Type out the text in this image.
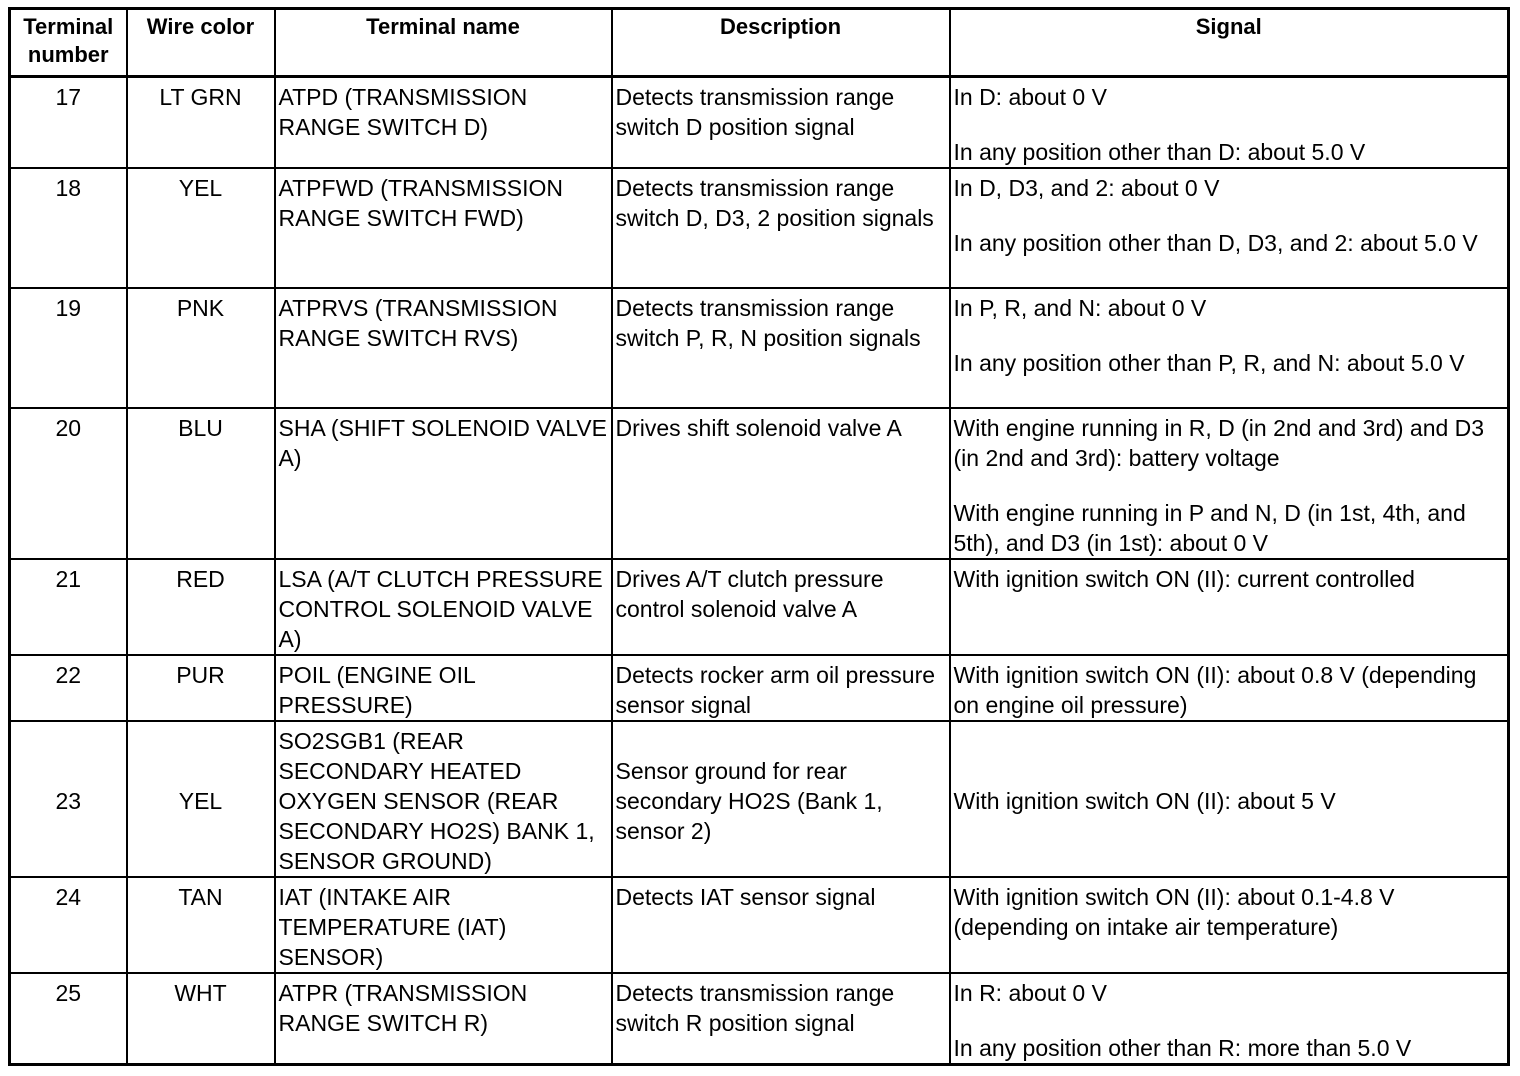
Terminal number	Wire color	Terminal name	Description	Signal
17	LT GRN	ATPD (TRANSMISSION RANGE SWITCH D)	Detects transmission range switch D position signal	In D: about 0 V
In any position other than D: about 5.0 V

18	YEL	ATPFWD (TRANSMISSION RANGE SWITCH FWD)	Detects transmission range switch D, D3, 2 position signals	In D, D3, and 2: about 0 V
In any position other than D, D3, and 2: about 5.0 V

19	PNK	ATPRVS (TRANSMISSION RANGE SWITCH RVS)	Detects transmission range switch P, R, N position signals	In P, R, and N: about 0 V
In any position other than P, R, and N: about 5.0 V

20	BLU	SHA (SHIFT SOLENOID VALVE A)	Drives shift solenoid valve A	With engine running in R, D (in 2nd and 3rd) and D3 (in 2nd and 3rd): battery voltage
With engine running in P and N, D (in 1st, 4th, and 5th), and D3 (in 1st): about 0 V

21	RED	LSA (A/T CLUTCH PRESSURE CONTROL SOLENOID VALVE A)	Drives A/T clutch pressure control solenoid valve A	With ignition switch ON (II): current controlled

22	PUR	POIL (ENGINE OIL PRESSURE)	Detects rocker arm oil pressure sensor signal	With ignition switch ON (II): about 0.8 V (depending on engine oil pressure)

23	YEL	SO2SGB1 (REAR SECONDARY HEATED OXYGEN SENSOR (REAR SECONDARY HO2S) BANK 1, SENSOR GROUND)	Sensor ground for rear secondary HO2S (Bank 1, sensor 2)	With ignition switch ON (II): about 5 V

24	TAN	IAT (INTAKE AIR TEMPERATURE (IAT) SENSOR)	Detects IAT sensor signal	With ignition switch ON (II): about 0.1-4.8 V (depending on intake air temperature)

25	WHT	ATPR (TRANSMISSION RANGE SWITCH R)	Detects transmission range switch R position signal	In R: about 0 V
In any position other than R: more than 5.0 V
